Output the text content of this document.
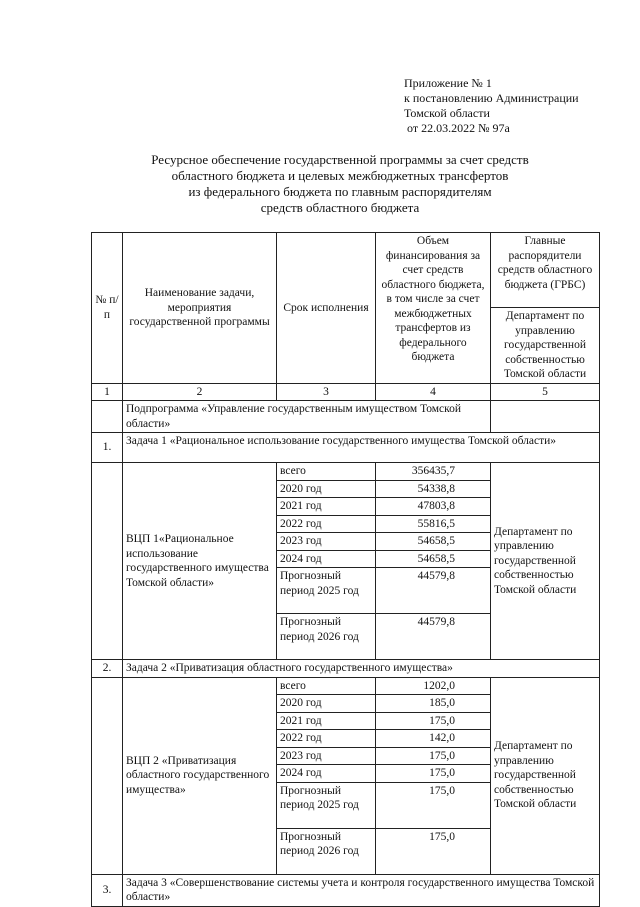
Приложение № 1
к постановлению Администрации
Томской области
от 22.03.2022 № 97а
Ресурсное обеспечение государственной программы за счет средств
областного бюджета и целевых межбюджетных трансфертов
из федерального бюджета по главным распорядителям
средств областного бюджета
№ п/п	Наименование задачи, мероприятия государственной программы	Срок исполнения	Объем финансирования за счет средств областного бюджета, в том числе за счет межбюджетных трансфертов из федерального бюджета	Главные распорядители средств областного бюджета (ГРБС)
				Департамент по управлению государственной собственностью Томской области
1	2	3	4	5
	Подпрограмма «Управление государственным имуществом Томской области»			
1.	Задача 1 «Рациональное использование государственного имущества Томской области»			
	ВЦП 1«Рациональное использование государственного имущества Томской области»	всего	356435,7	Департамент по управлению государственной собственностью Томской области
		2020 год	54338,8	
		2021 год	47803,8	
		2022 год	55816,5	
		2023 год	54658,5	
		2024 год	54658,5	
		Прогнозный период 2025 год	44579,8	
		Прогнозный период 2026 год	44579,8	
2.	Задача 2 «Приватизация областного государственного имущества»			
	ВЦП 2 «Приватизация областного государственного имущества»	всего	1202,0	Департамент по управлению государственной собственностью Томской области
		2020 год	185,0	
		2021 год	175,0	
		2022 год	142,0	
		2023 год	175,0	
		2024 год	175,0	
		Прогнозный период 2025 год	175,0	
		Прогнозный период 2026 год	175,0	
3.	Задача 3 «Совершенствование системы учета и контроля государственного имущества Томской области»			
